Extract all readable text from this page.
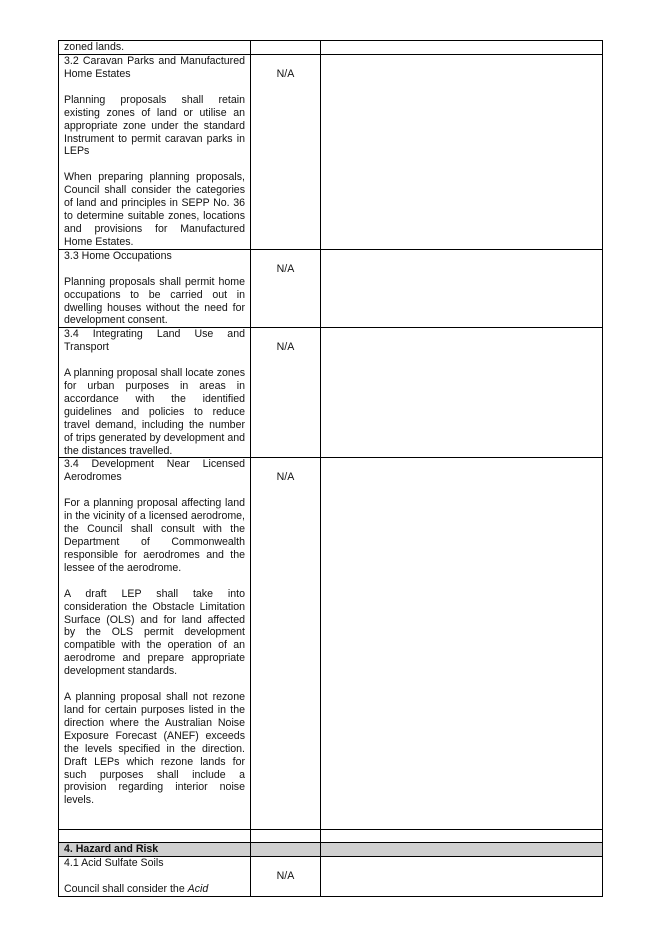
zoned lands.		

3.2 Caravan Parks and Manufactured Home Estates
Planning proposals shall retain existing zones of land or utilise an appropriate zone under the standard Instrument to permit caravan parks in LEPs
When preparing planning proposals, Council shall consider the categories of land and principles in SEPP No. 36 to determine suitable zones, locations and provisions for Manufactured Home Estates.	N/A	

3.3 Home Occupations
Planning proposals shall permit home occupations to be carried out in dwelling houses without the need for development consent.	N/A	

3.4 Integrating Land Use and Transport
A planning proposal shall locate zones for urban purposes in areas in accordance with the identified guidelines and policies to reduce travel demand, including the number of trips generated by development and the distances travelled.	N/A	

3.4 Development Near Licensed Aerodromes
For a planning proposal affecting land in the vicinity of a licensed aerodrome, the Council shall consult with the Department of Commonwealth responsible for aerodromes and the lessee of the aerodrome.
A draft LEP shall take into consideration the Obstacle Limitation Surface (OLS) and for land affected by the OLS permit development compatible with the operation of an aerodrome and prepare appropriate development standards.
A planning proposal shall not rezone land for certain purposes listed in the direction where the Australian Noise Exposure Forecast (ANEF) exceeds the levels specified in the direction. Draft LEPs which rezone lands for such purposes shall include a provision regarding interior noise levels.	N/A	

4. Hazard and Risk		

4.1 Acid Sulfate Soils
Council shall consider the Acid	N/A	
